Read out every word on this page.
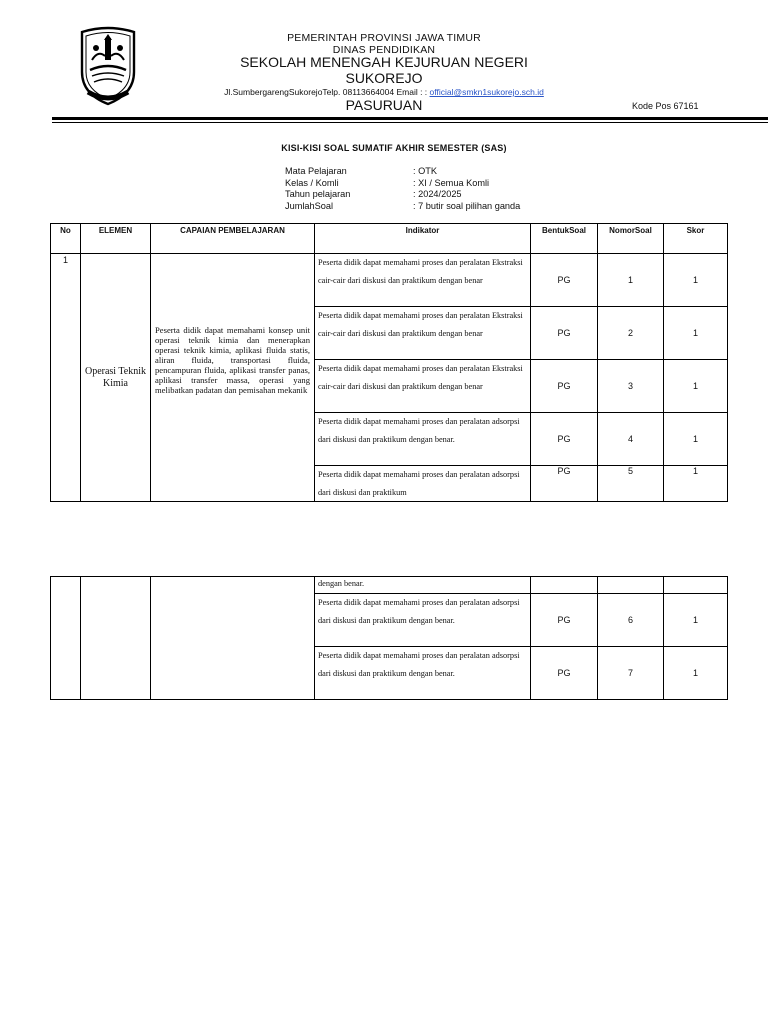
PEMERINTAH PROVINSI JAWA TIMUR
DINAS PENDIDIKAN
SEKOLAH MENENGAH KEJURUAN NEGERI
SUKOREJO
Jl.SumbergarengSukorejoTelp. 08113664004 Email : : official@smkn1sukorejo.sch.id
PASURUAN	Kode Pos 67161
KISI-KISI SOAL SUMATIF AKHIR SEMESTER (SAS)
Mata Pelajaran	: OTK
Kelas / Komli	: XI / Semua Komli
Tahun pelajaran	: 2024/2025
JumlahSoal	: 7 butir soal pilihan ganda
No	ELEMEN	CAPAIAN PEMBELAJARAN	Indikator	BentukSoal	NomorSoal	Skor
1	Operasi Teknik Kimia	Peserta didik dapat memahami konsep unit operasi teknik kimia dan menerapkan operasi teknik kimia, aplikasi fluida statis, aliran fluida, transportasi fluida, pencampuran fluida, aplikasi transfer panas, aplikasi transfer massa, operasi yang melibatkan padatan dan pemisahan mekanik	Peserta didik dapat memahami proses dan peralatan Ekstraksi cair-cair dari diskusi dan praktikum dengan benar	PG	1	1
			Peserta didik dapat memahami proses dan peralatan Ekstraksi cair-cair dari diskusi dan praktikum dengan benar	PG	2	1
			Peserta didik dapat memahami proses dan peralatan Ekstraksi cair-cair dari diskusi dan praktikum dengan benar	PG	3	1
			Peserta didik dapat memahami proses dan peralatan adsorpsi dari diskusi dan praktikum dengan benar.	PG	4	1
			Peserta didik dapat memahami proses dan peralatan adsorpsi dari diskusi dan praktikum	PG	5	1
			dengan benar.			
			Peserta didik dapat memahami proses dan peralatan adsorpsi dari diskusi dan praktikum dengan benar.	PG	6	1
			Peserta didik dapat memahami proses dan peralatan adsorpsi dari diskusi dan praktikum dengan benar.	PG	7	1
